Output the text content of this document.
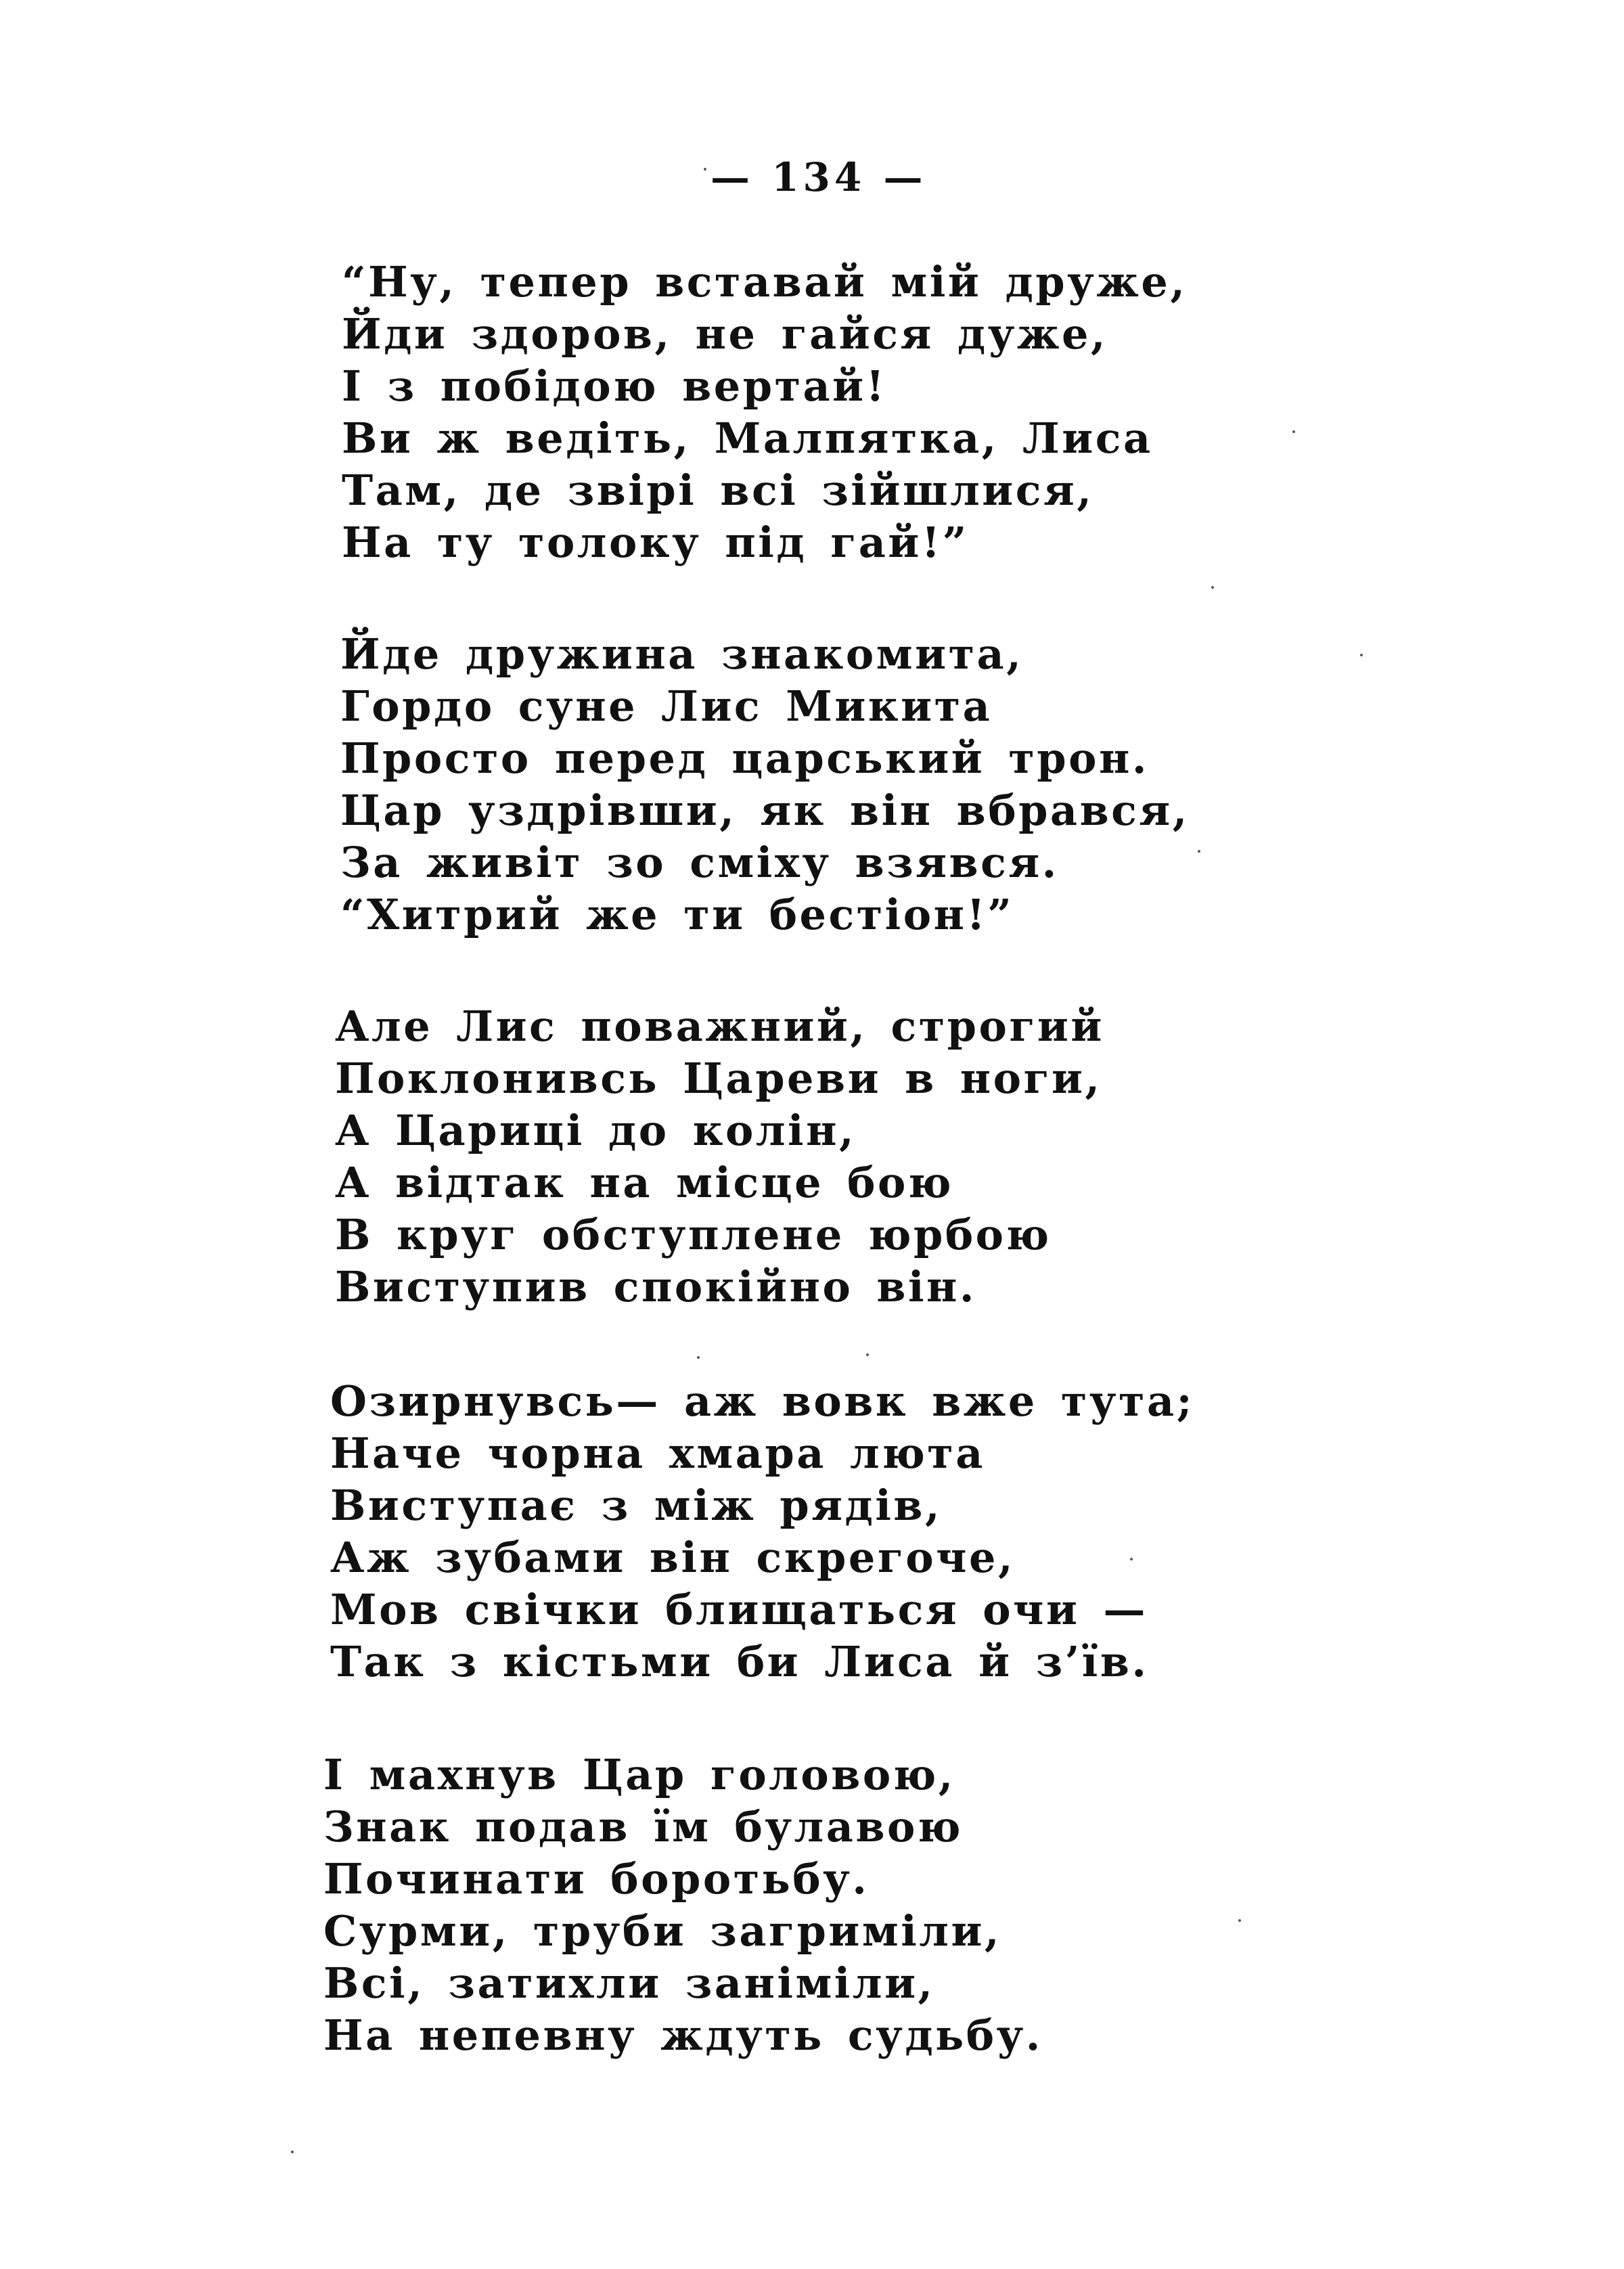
— 134 —
“Ну, тепер вставай мій друже,
Йди здоров, не гайся дуже,
І з побідою вертай!
Ви ж ведіть, Малпятка, Лиса
Там, де звірі всі зійшлися,
На ту толоку під гай!”
Йде дружина знакомита,
Гордо суне Лис Микита
Просто перед царський трон.
Цар уздрівши, як він вбрався,
За живіт зо сміху взявся.
“Хитрий же ти бестіон!”
Але Лис поважний, строгий
Поклонивсь Цареви в ноги,
А Цариці до колін,
А відтак на місце бою
В круг обступлене юрбою
Виступив спокійно він.
Озирнувсь— аж вовк вже тута;
Наче чорна хмара люта
Виступає з між рядів,
Аж зубами він скрегоче,
Мов свічки блищаться очи —
Так з кістьми би Лиса й з’їв.
І махнув Цар головою,
Знак подав їм булавою
Починати боротьбу.
Сурми, труби загриміли,
Всі, затихли заніміли,
На непевну ждуть судьбу.
